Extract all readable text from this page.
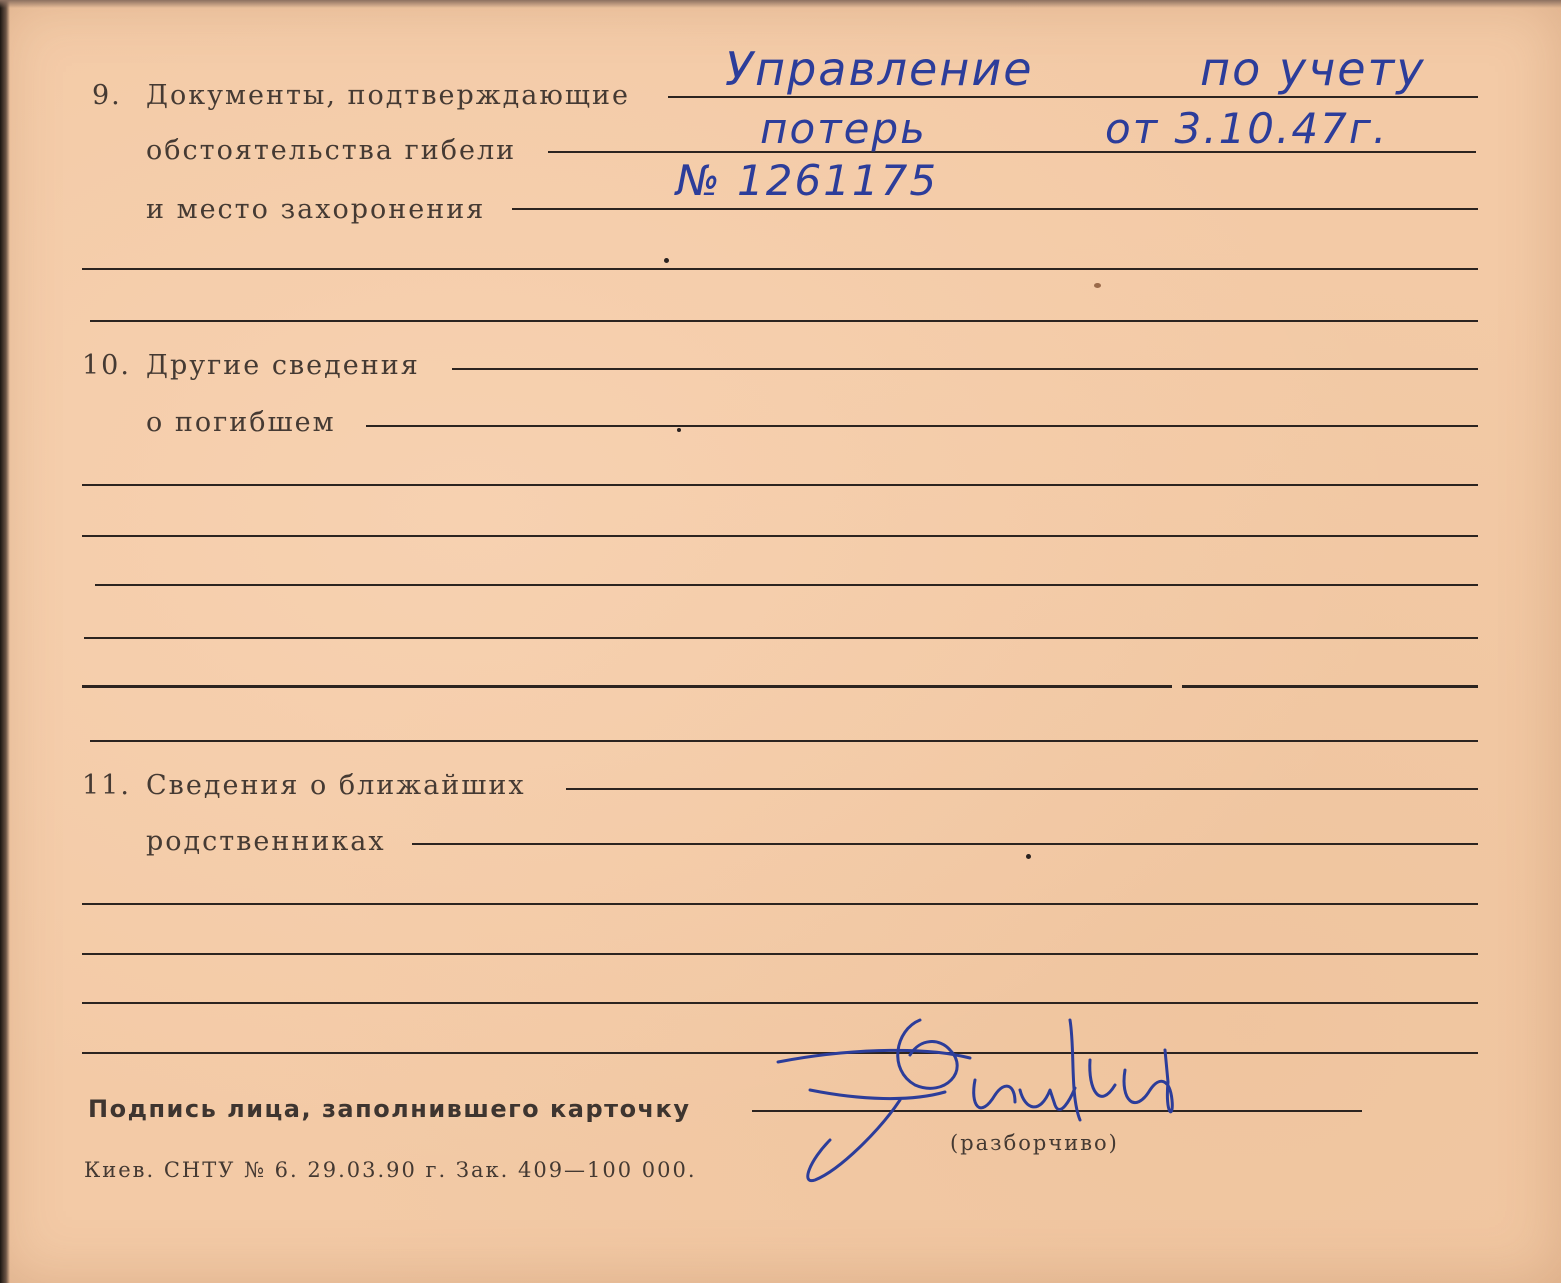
9. Документы, подтверждающие
обстоятельства гибели
и место захоронения
Управление	по учету
потерь	от 3.10.47г.
№ 1261175
10. Другие сведения
о погибшем
11. Сведения о ближайших
родственниках
Подпись лица, заполнившего карточку
(разборчиво)
Киев. СНТУ № 6. 29.03.90 г. Зак. 409—100 000.
